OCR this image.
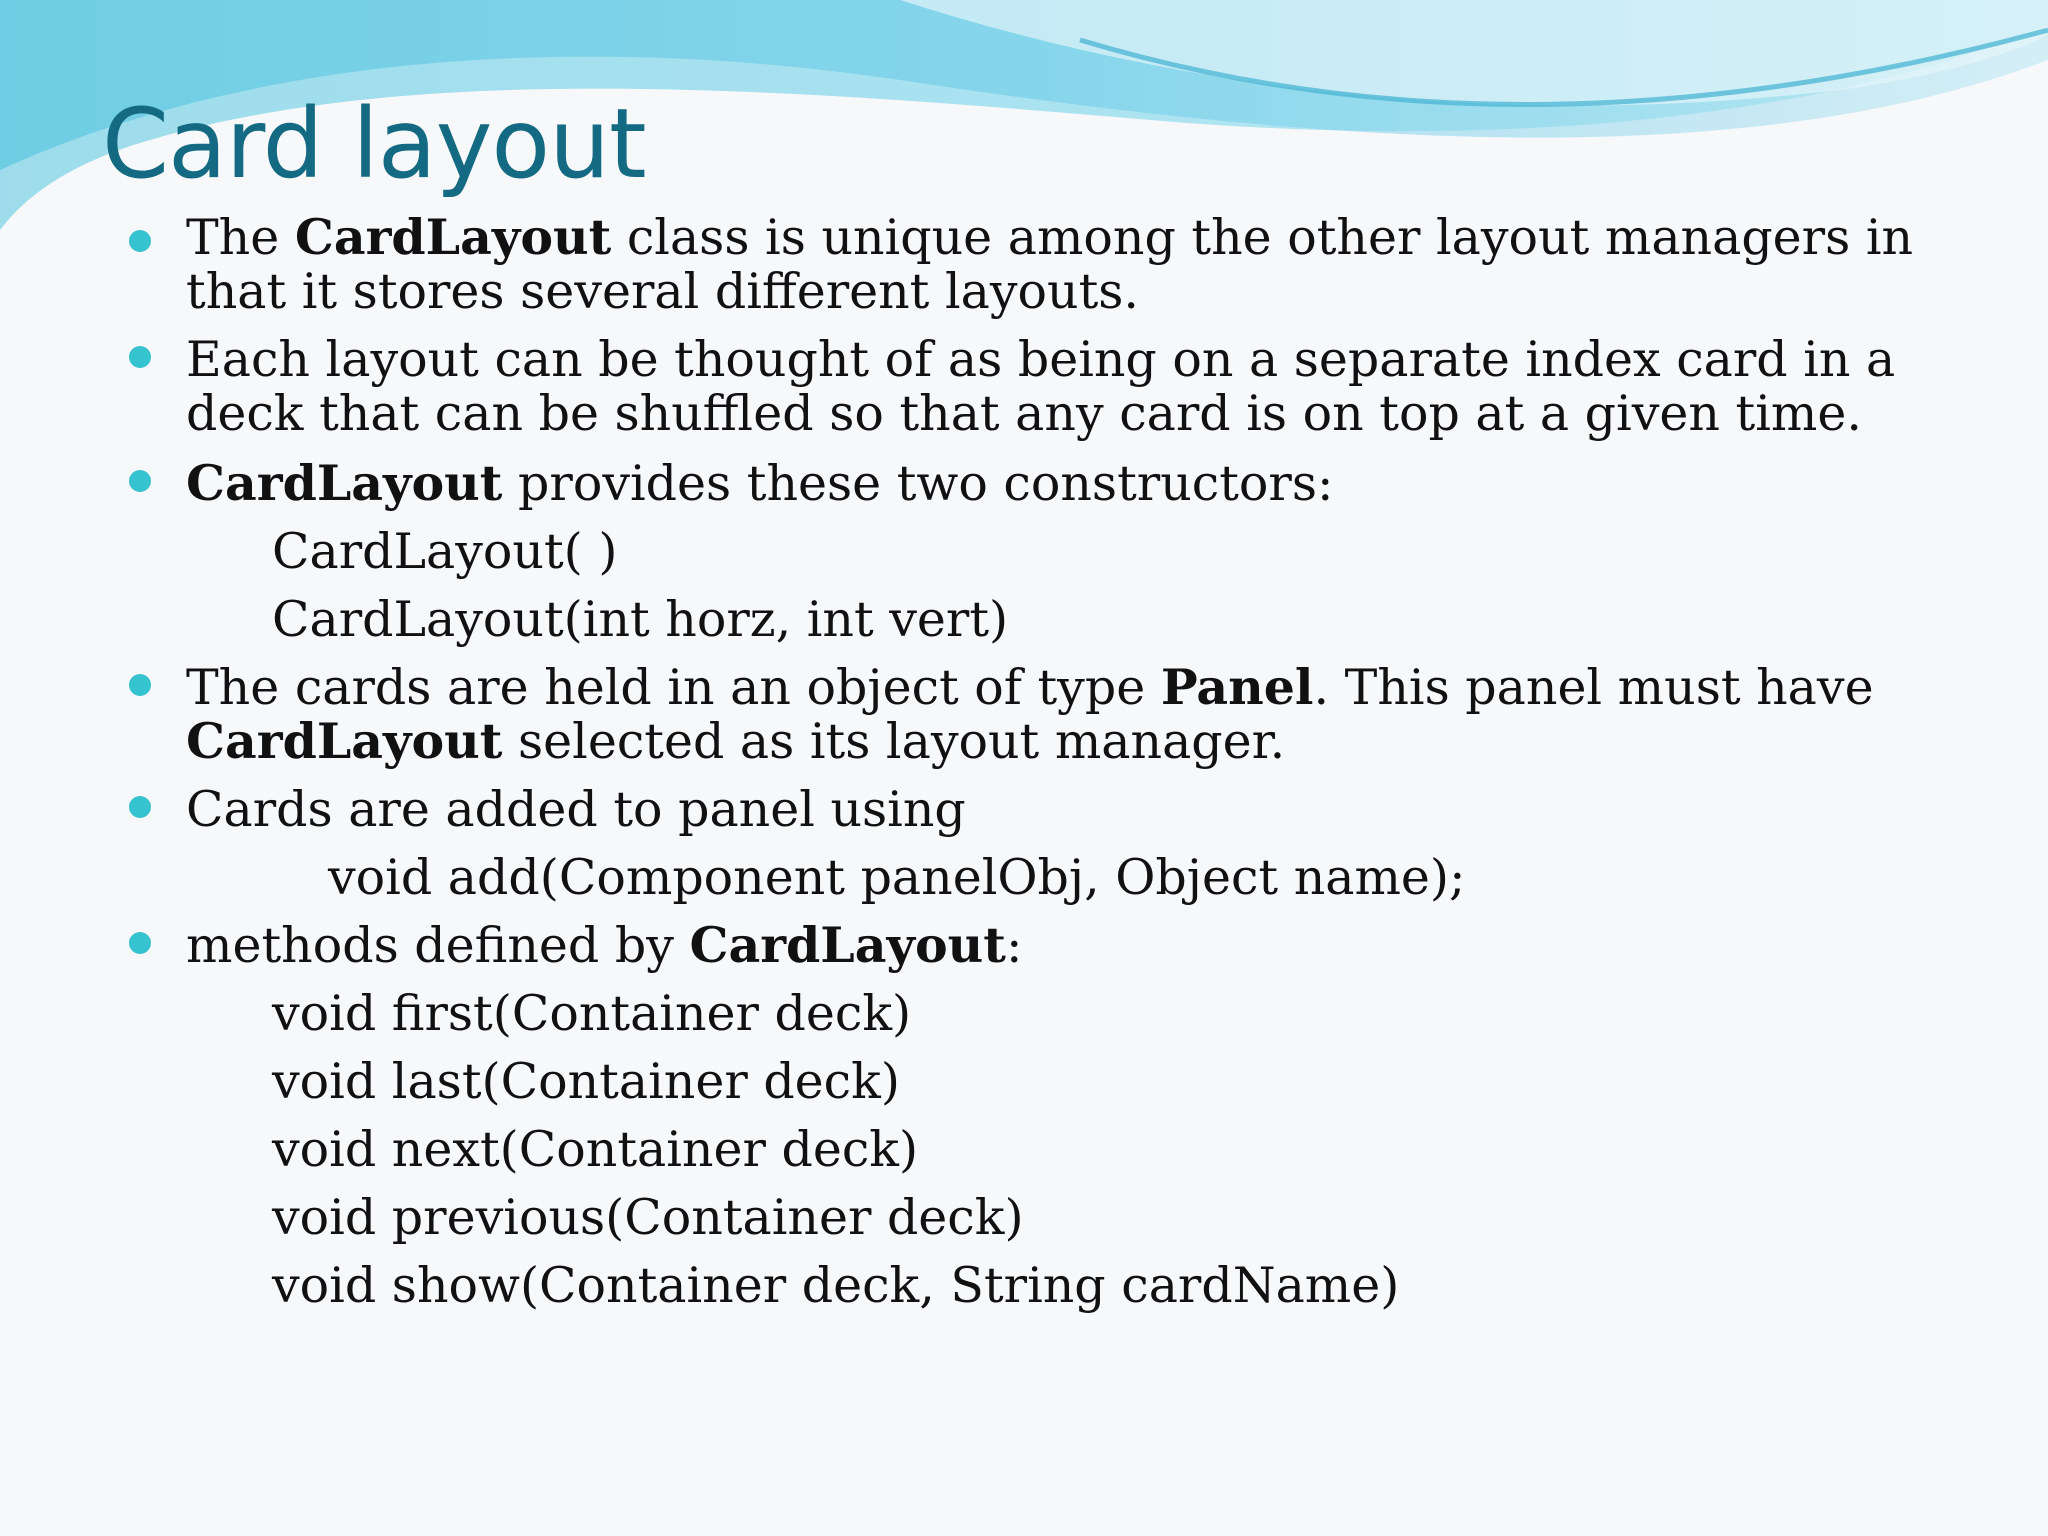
Card layout
The CardLayout class is unique among the other layout managers in
that it stores several different layouts.
Each layout can be thought of as being on a separate index card in a
deck that can be shuffled so that any card is on top at a given time.
CardLayout provides these two constructors:
CardLayout( )
CardLayout(int horz, int vert)
The cards are held in an object of type Panel. This panel must have
CardLayout selected as its layout manager.
Cards are added to panel using
void add(Component panelObj, Object name);
methods defined by CardLayout:
void first(Container deck)
void last(Container deck)
void next(Container deck)
void previous(Container deck)
void show(Container deck, String cardName)
